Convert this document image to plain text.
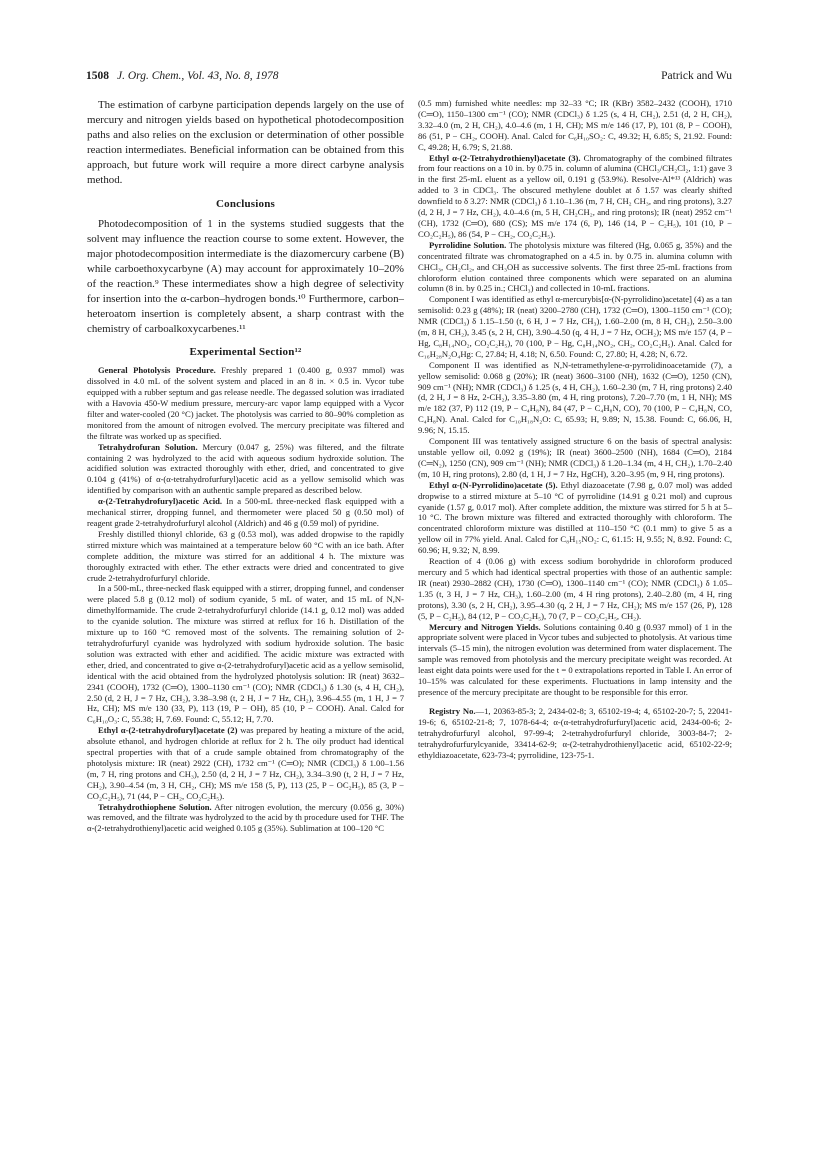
1508 J. Org. Chem., Vol. 43, No. 8, 1978	Patrick and Wu

The estimation of carbyne participation depends largely on the use of mercury and nitrogen yields based on hypothetical photodecomposition paths and also relies on the exclusion or determination of other possible reaction intermediates. Beneficial information can be obtained from this approach, but future work will require a more direct carbyne analysis method.

Conclusions

Photodecomposition of 1 in the systems studied suggests that the solvent may influence the reaction course to some extent. However, the major photodecomposition intermediate is the diazomercury carbene (B) while carboethoxycarbyne (A) may account for approximately 10–20% of the reaction.⁹ These intermediates show a high degree of selectivity for insertion into the α-carbon–hydrogen bonds.¹⁰ Furthermore, carbon–heteroatom insertion is completely absent, a sharp contrast with the chemistry of carboalkoxycarbenes.¹¹

Experimental Section¹²

General Photolysis Procedure. Freshly prepared 1 (0.400 g, 0.937 mmol) was dissolved in 4.0 mL of the solvent system and placed in an 8 in. × 0.5 in. Vycor tube equipped with a rubber septum and gas release needle. The degassed solution was irradiated with a Havovia 450-W medium pressure, mercury-arc vapor lamp equipped with a Vycor filter and water-cooled (20 °C) jacket. The photolysis was carried to 80–90% completion as monitored from the amount of nitrogen evolved. The mercury precipitate was filtered and the filtrate was worked up as specified.

Tetrahydrofuran Solution. Mercury (0.047 g, 25%) was filtered, and the filtrate containing 2 was hydrolyzed to the acid with aqueous sodium hydroxide solution. The acidified solution was extracted thoroughly with ether, dried, and concentrated to give 0.104 g (41%) of α-(α-tetrahydrofurfuryl)acetic acid as a yellow semisolid which was identified by comparison with an authentic sample prepared as described below.

α-(2-Tetrahydrofuryl)acetic Acid. In a 500-mL three-necked flask equipped with a mechanical stirrer, dropping funnel, and thermometer were placed 50 g (0.50 mol) of reagent grade 2-tetrahydrofurfuryl alcohol (Aldrich) and 46 g (0.59 mol) of pyridine.

Freshly distilled thionyl chloride, 63 g (0.53 mol), was added dropwise to the rapidly stirred mixture which was maintained at a temperature below 60 °C with an ice bath. After complete addition, the mixture was stirred for an additional 4 h. The mixture was thoroughly extracted with ether. The ether extracts were dried and concentrated to give crude 2-tetrahydrofurfuryl chloride.

In a 500-mL, three-necked flask equipped with a stirrer, dropping funnel, and condenser were placed 5.8 g (0.12 mol) of sodium cyanide, 5 mL of water, and 15 mL of N,N-dimethylformamide. The crude 2-tetrahydrofurfuryl chloride (14.1 g, 0.12 mol) was added to the cyanide solution. The mixture was stirred at reflux for 16 h. Distillation of the mixture up to 160 °C removed most of the solvents. The remaining solution of 2-tetrahydrofurfuryl cyanide was hydrolyzed with sodium hydroxide solution. The basic solution was extracted with ether and acidified. The acidic mixture was extracted with ether, dried, and concentrated to give α-(2-tetrahydrofuryl)acetic acid as a yellow semisolid, identical with the acid obtained from the hydrolyzed photolysis solution: IR (neat) 3632–2341 (COOH), 1732 (C═O), 1300–1130 cm⁻¹ (CO); NMR (CDCl₃) δ 1.30 (s, 4 H, CH₂), 2.50 (d, 2 H, J = 7 Hz, CH₂), 3.38–3.98 (t, 2 H, J = 7 Hz, CH₂), 3.96–4.55 (m, 1 H, J = 7 Hz, CH); MS m/e 130 (33, P), 113 (19, P − OH), 85 (10, P − COOH). Anal. Calcd for C₆H₁₀O₃: C, 55.38; H, 7.69. Found: C, 55.12; H, 7.70.

Ethyl α-(2-tetrahydrofuryl)acetate (2) was prepared by heating a mixture of the acid, absolute ethanol, and hydrogen chloride at reflux for 2 h. The oily product had identical spectral properties with that of a crude sample obtained from chromatography of the photolysis mixture: IR (neat) 2922 (CH), 1732 cm⁻¹ (C═O); NMR (CDCl₃) δ 1.00–1.56 (m, 7 H, ring protons and CH₃), 2.50 (d, 2 H, J = 7 Hz, CH₂), 3.34–3.90 (t, 2 H, J = 7 Hz, CH₂), 3.90–4.54 (m, 3 H, CH₂, CH); MS m/e 158 (5, P), 113 (25, P − OC₂H₅), 85 (3, P − CO₂C₂H₅), 71 (44, P − CH₂, CO₂C₂H₅).

Tetrahydrothiophene Solution. After nitrogen evolution, the mercury (0.056 g, 30%) was removed, and the filtrate was hydrolyzed to the acid by th procedure used for THF. The α-(2-tetrahydrothienyl)acetic acid weighed 0.105 g (35%). Sublimation at 100–120 °C

(0.5 mm) furnished white needles: mp 32–33 °C; IR (KBr) 3582–2432 (COOH), 1710 (C═O), 1150–1300 cm⁻¹ (CO); NMR (CDCl₃) δ 1.25 (s, 4 H, CH₂), 2.51 (d, 2 H, CH₂), 3.32–4.0 (m, 2 H, CH₂), 4.0–4.6 (m, 1 H, CH); MS m/e 146 (17, P), 101 (8, P − COOH), 86 (51, P − CH₂, COOH). Anal. Calcd for C₆H₁₀SO₂: C, 49.32; H, 6.85; S, 21.92. Found: C, 49.28; H, 6.79; S, 21.88.

Ethyl α-(2-Tetrahydrothienyl)acetate (3). Chromatography of the combined filtrates from four reactions on a 10 in. by 0.75 in. column of alumina (CHCl₃/CH₂Cl₂, 1:1) gave 3 in the first 25-mL eluent as a yellow oil, 0.191 g (53.9%). Resolve-Al*¹³ (Aldrich) was added to 3 in CDCl₃. The obscured methylene doublet at δ 1.57 was clearly shifted downfield to δ 3.27: NMR (CDCl₃) δ 1.10–1.36 (m, 7 H, CH₂ CH₃, and ring protons), 3.27 (d, 2 H, J = 7 Hz, CH₂), 4.0–4.6 (m, 5 H, CH₂CH₂, and ring protons); IR (neat) 2952 cm⁻¹ (CH), 1732 (C═O), 680 (CS); MS m/e 174 (6, P), 146 (14, P − C₂H₅), 101 (10, P − CO₂C₂H₅), 86 (54, P − CH₂, CO₂C₂H₅).

Pyrrolidine Solution. The photolysis mixture was filtered (Hg, 0.065 g, 35%) and the concentrated filtrate was chromatographed on a 4.5 in. by 0.75 in. alumina column with CHCl₃, CH₂Cl₂, and CH₃OH as successive solvents. The first three 25-mL fractions from chloroform elution contained three components which were separated on an alumina column (8 in. by 0.25 in.; CHCl₃) and collected in 10-mL fractions.

Component I was identified as ethyl α-mercurybis[α-(N-pyrrolidino)acetate] (4) as a tan semisolid: 0.23 g (48%); IR (neat) 3200–2780 (CH), 1732 (C═O), 1300–1150 cm⁻¹ (CO); NMR (CDCl₃) δ 1.15–1.50 (t, 6 H, J = 7 Hz, CH₃), 1.60–2.00 (m, 8 H, CH₂), 2.50–3.00 (m, 8 H, CH₂), 3.45 (s, 2 H, CH), 3.90–4.50 (q, 4 H, J = 7 Hz, OCH₂); MS m/e 157 (4, P − Hg, C₈H₁₄NO₂, CO₂C₂H₅), 70 (100, P − Hg, C₈H₁₄NO₂, CH₂, CO₂C₂H₅). Anal. Calcd for C₁₆H₂₈N₂O₄Hg: C, 27.84; H, 4.18; N, 6.50. Found: C, 27.80; H, 4.28; N, 6.72.

Component II was identified as N,N-tetramethylene-α-pyrrolidinoacetamide (7), a yellow semisolid: 0.068 g (20%); IR (neat) 3600–3100 (NH), 1632 (C═O), 1250 (CN), 909 cm⁻¹ (NH); NMR (CDCl₃) δ 1.25 (s, 4 H, CH₂), 1.60–2.30 (m, 7 H, ring protons) 2.40 (d, 2 H, J = 8 Hz, 2-CH₂), 3.35–3.80 (m, 4 H, ring protons), 7.20–7.70 (m, 1 H, NH); MS m/e 182 (37, P) 112 (19, P − C₄H₈N), 84 (47, P − C₄H₈N, CO), 70 (100, P − C₄H₈N, CO, C₄H₈N). Anal. Calcd for C₁₀H₁₈N₂O: C, 65.93; H, 9.89; N, 15.38. Found: C, 66.06, H, 9.96; N, 15.15.

Component III was tentatively assigned structure 6 on the basis of spectral analysis: unstable yellow oil, 0.092 g (19%); IR (neat) 3600–2500 (NH), 1684 (C═O), 2184 (C═N₂), 1250 (CN), 909 cm⁻¹ (NH); NMR (CDCl₃) δ 1.20–1.34 (m, 4 H, CH₂), 1.70–2.40 (m, 10 H, ring protons), 2.80 (d, 1 H, J = 7 Hz, HgCH), 3.20–3.95 (m, 9 H, ring protons).

Ethyl α-(N-Pyrrolidino)acetate (5). Ethyl diazoacetate (7.98 g, 0.07 mol) was added dropwise to a stirred mixture at 5–10 °C of pyrrolidine (14.91 g 0.21 mol) and cuprous cyanide (1.57 g, 0.017 mol). After complete addition, the mixture was stirred for 5 h at 5–10 °C. The brown mixture was filtered and extracted thoroughly with chloroform. The concentrated chloroform mixture was distilled at 110–150 °C (0.1 mm) to give 5 as a yellow oil in 77% yield. Anal. Calcd for C₈H₁₅NO₂: C, 61.15: H, 9.55; N, 8.92. Found: C, 60.96; H, 9.32; N, 8.99.

Reaction of 4 (0.06 g) with excess sodium borohydride in chloroform produced mercury and 5 which had identical spectral properties with those of an authentic sample: IR (neat) 2930–2882 (CH), 1730 (C═O), 1300–1140 cm⁻¹ (CO); NMR (CDCl₃) δ 1.05–1.35 (t, 3 H, J = 7 Hz, CH₃), 1.60–2.00 (m, 4 H ring protons), 2.40–2.80 (m, 4 H, ring protons), 3.30 (s, 2 H, CH₂), 3.95–4.30 (q, 2 H, J = 7 Hz, CH₂); MS m/e 157 (26, P), 128 (5, P − C₂H₅), 84 (12, P − CO₂C₂H₅), 70 (7, P − CO₂C₂H₅, CH₂).

Mercury and Nitrogen Yields. Solutions containing 0.40 g (0.937 mmol) of 1 in the appropriate solvent were placed in Vycor tubes and subjected to photolysis. At various time intervals (5–15 min), the nitrogen evolution was determined from water displacement. The sample was removed from photolysis and the mercury precipitate weight was recorded. At least eight data points were used for the t = 0 extrapolations reported in Table I. An error of 10–15% was calculated for these experiments. Fluctuations in lamp intensity and the presence of the mercury precipitate are thought to be responsible for this error.

Registry No.—1, 20363-85-3; 2, 2434-02-8; 3, 65102-19-4; 4, 65102-20-7; 5, 22041-19-6; 6, 65102-21-8; 7, 1078-64-4; α-(α-tetrahydrofurfuryl)acetic acid, 2434-00-6; 2-tetrahydrofurfuryl alcohol, 97-99-4; 2-tetrahydrofurfuryl chloride, 3003-84-7; 2-tetrahydrofurfurylcyanide, 33414-62-9; α-(2-tetrahydrothienyl)acetic acid, 65102-22-9; ethyldiazoacetate, 623-73-4; pyrrolidine, 123-75-1.
